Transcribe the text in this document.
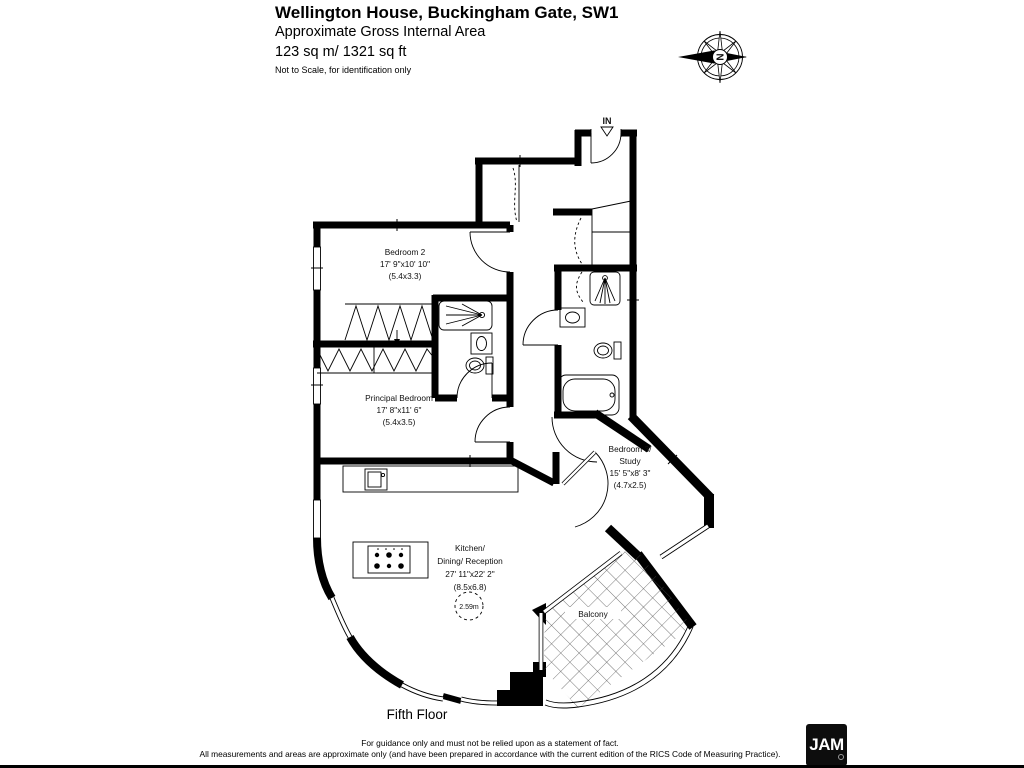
Wellington House, Buckingham Gate, SW1
Approximate Gross Internal Area
123 sq m/ 1321 sq ft
Not to Scale, for identification only
N
IN
Bedroom 2
17' 9"x10' 10"
(5.4x3.3)
Principal Bedroom
17' 8"x11' 6"
(5.4x3.5)
Bedroom 3/
Study
15' 5"x8' 3"
(4.7x2.5)
Kitchen/
Dining/ Reception
27' 11"x22' 2"
(8.5x6.8)
Balcony
2.59m
Fifth Floor
For guidance only and must not be relied upon as a statement of fact.
All measurements and areas are approximate only (and have been prepared in accordance with the current edition of the RICS Code of Measuring Practice).
JAM
